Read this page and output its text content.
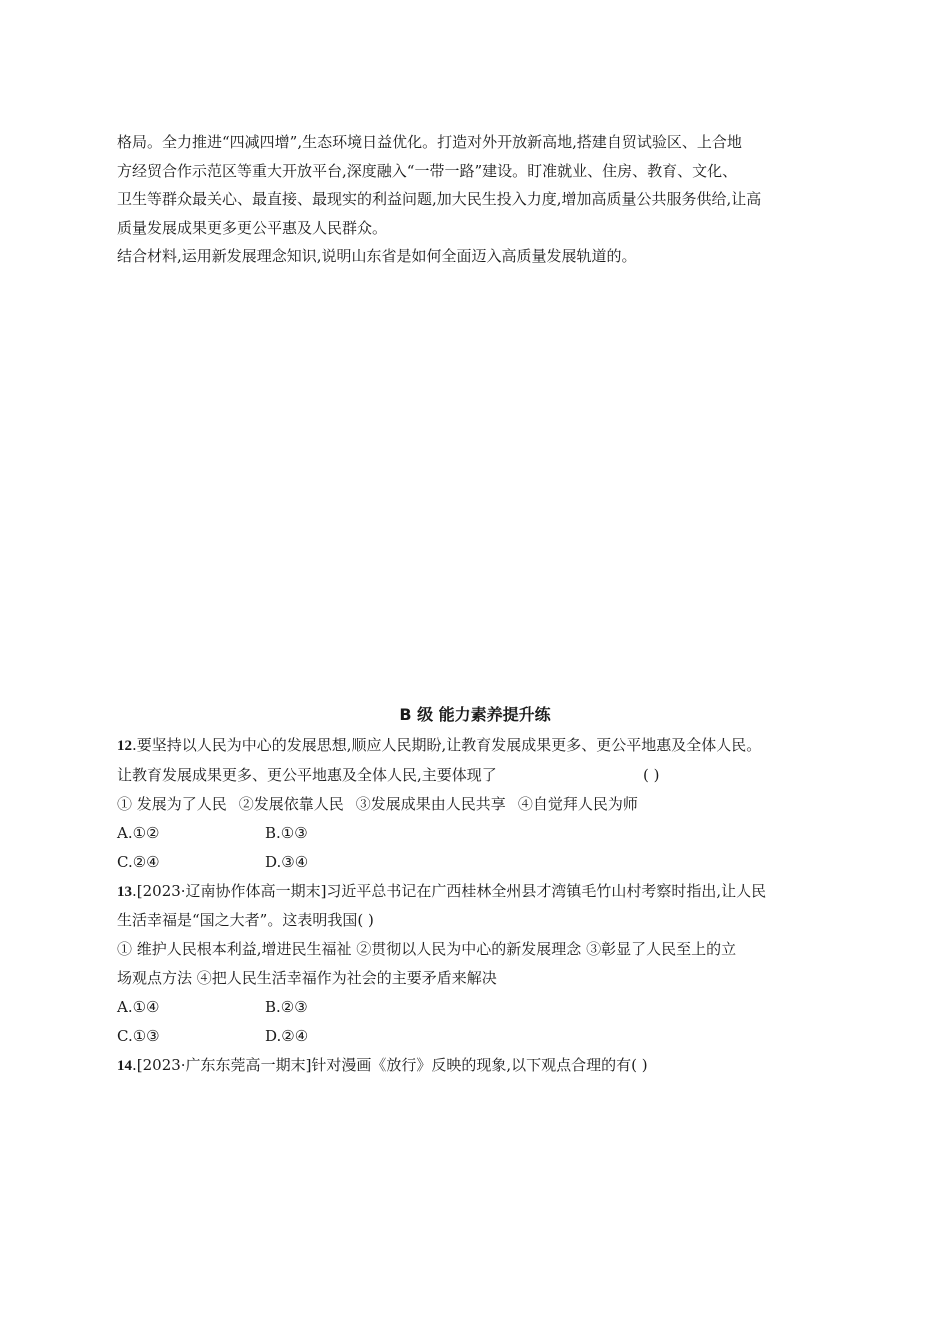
格局。全力推进“四减四增”,生态环境日益优化。打造对外开放新高地,搭建自贸试验区、上合地

方经贸合作示范区等重大开放平台,深度融入“一带一路”建设。盯准就业、住房、教育、文化、

卫生等群众最关心、最直接、最现实的利益问题,加大民生投入力度,增加高质量公共服务供给,让高

质量发展成果更多更公平惠及人民群众。

结合材料,运用新发展理念知识,说明山东省是如何全面迈入高质量发展轨道的。

B 级 能力素养提升练
12.要坚持以人民为中心的发展思想,顺应人民期盼,让教育发展成果更多、更公平地惠及全体人民。
让教育发展成果更多、更公平地惠及全体人民,主要体现了	( )
① 发展为了人民 ②发展依靠人民 ③发展成果由人民共享 ④自觉拜人民为师
A.①②	B.①③
C.②④	D.③④
13.[2023·辽南协作体高一期末]习近平总书记在广西桂林全州县才湾镇毛竹山村考察时指出,让人民
生活幸福是“国之大者”。这表明我国( )
① 维护人民根本利益,增进民生福祉 ②贯彻以人民为中心的新发展理念 ③彰显了人民至上的立
场观点方法 ④把人民生活幸福作为社会的主要矛盾来解决
A.①④	B.②③
C.①③	D.②④
14.[2023·广东东莞高一期末]针对漫画《放行》反映的现象,以下观点合理的有( )
